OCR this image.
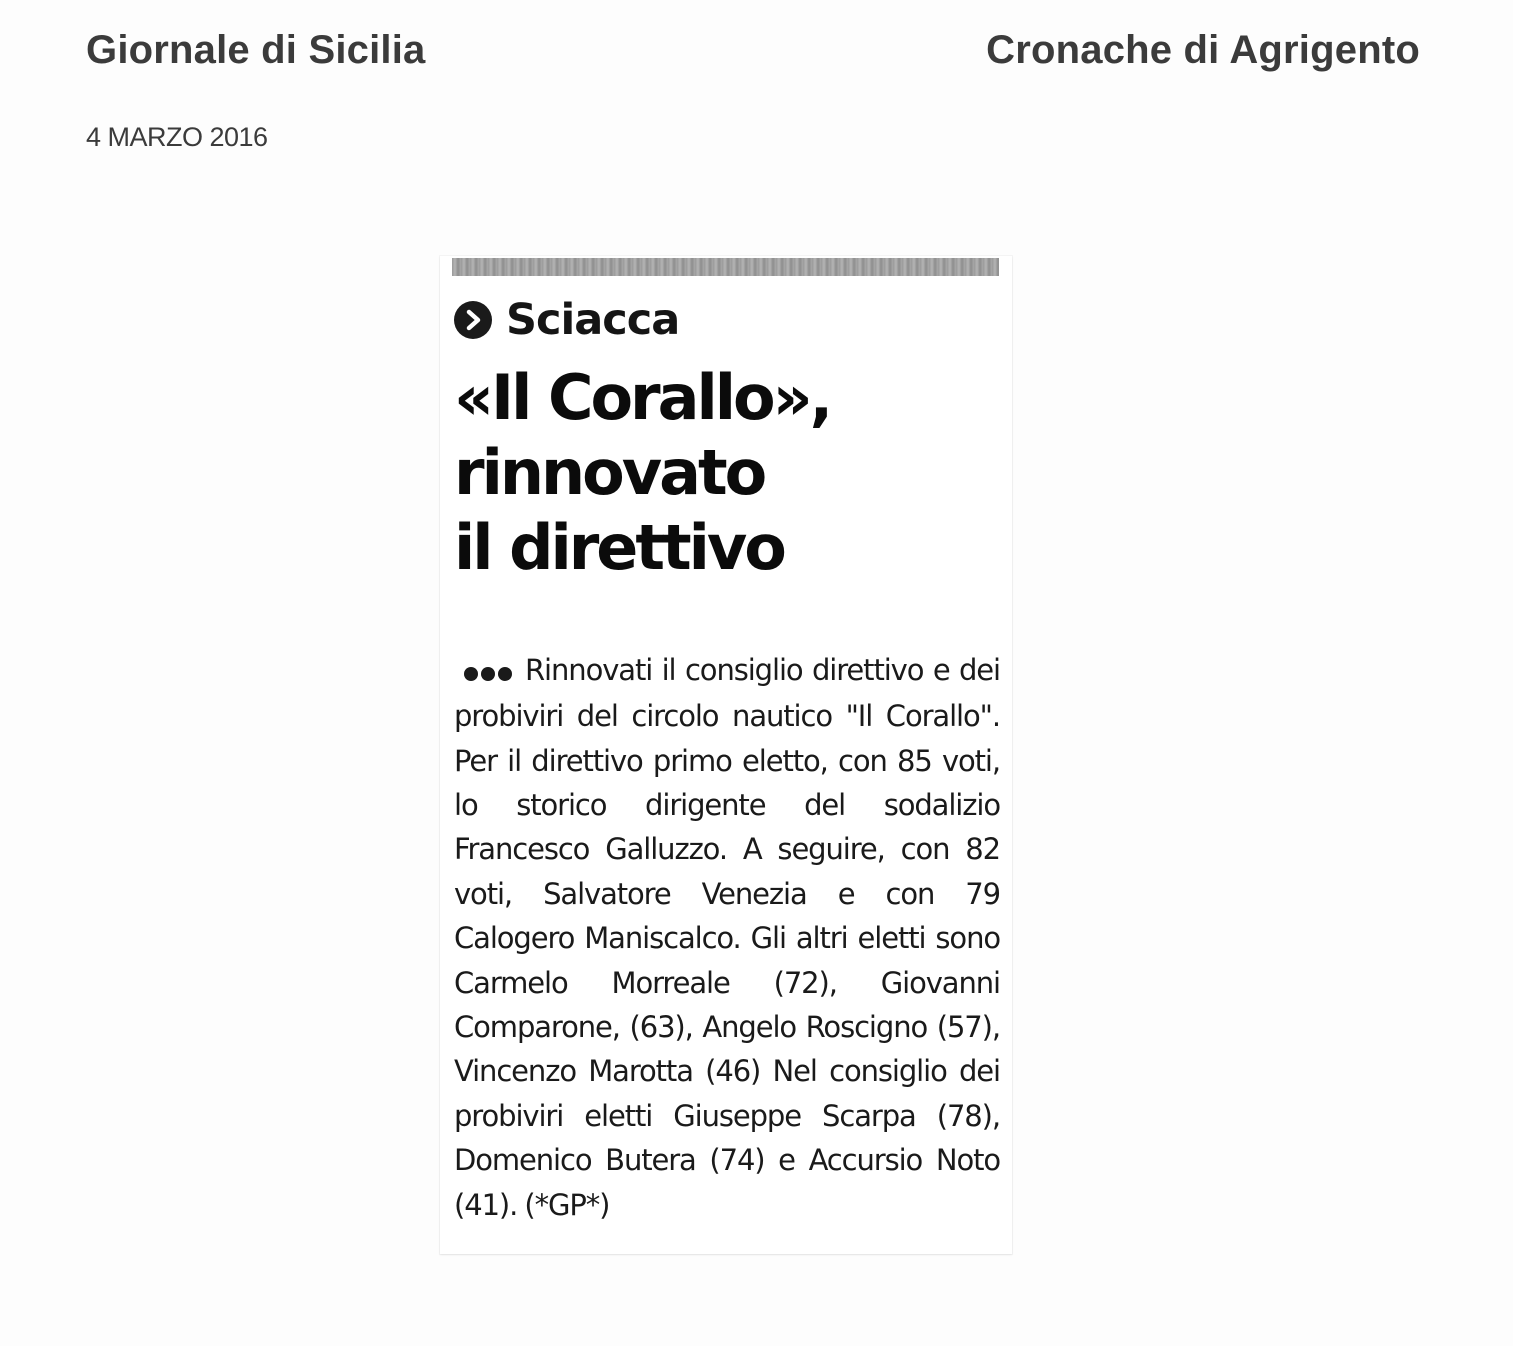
Giornale di Sicilia	Cronache di Agrigento
4 MARZO 2016
Sciacca
«Il Corallo»,
rinnovato
il direttivo

Rinnovati il consiglio direttivo e dei probiviri del circolo nautico "Il Corallo". Per il direttivo primo eletto, con 85 voti, lo storico dirigente del sodalizio Francesco Galluzzo. A seguire, con 82 voti, Salvatore Venezia e con 79 Calogero Maniscalco. Gli altri eletti sono Carmelo Morreale (72), Giovanni Comparone, (63), Angelo Roscigno (57), Vincenzo Marotta (46) Nel consiglio dei probiviri eletti Giuseppe Scarpa (78), Domenico Butera (74) e Accursio Noto (41). (*GP*)
